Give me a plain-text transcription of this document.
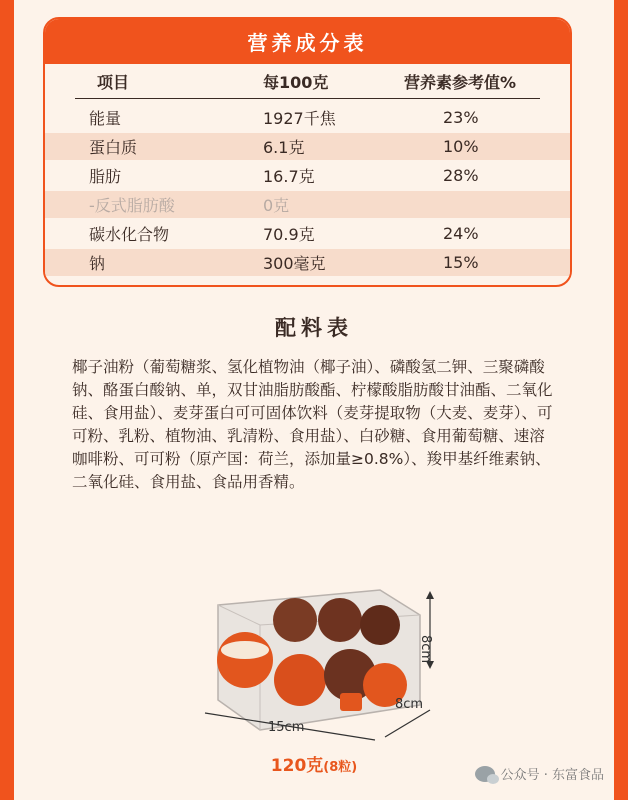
营养成分表
项目	每100克	营养素参考值%
能量	1927千焦	23%
蛋白质	6.1克	10%
脂肪	16.7克	28%
-反式脂肪酸	0克
碳水化合物	70.9克	24%
钠	300毫克	15%
配料表
椰子油粉（葡萄糖浆、氢化植物油（椰子油）、磷酸氢二钾、三聚磷酸钠、酪蛋白酸钠、单，双甘油脂肪酸酯、柠檬酸脂肪酸甘油酯、二氧化硅、食用盐）、麦芽蛋白可可固体饮料（麦芽提取物（大麦、麦芽）、可可粉、乳粉、植物油、乳清粉、食用盐）、白砂糖、食用葡萄糖、速溶咖啡粉、可可粉（原产国：荷兰，添加量≥0.8%）、羧甲基纤维素钠、二氧化硅、食用盐、食品用香精。
8cm
8cm
15cm
120克(8粒)
公众号 · 东富食品
